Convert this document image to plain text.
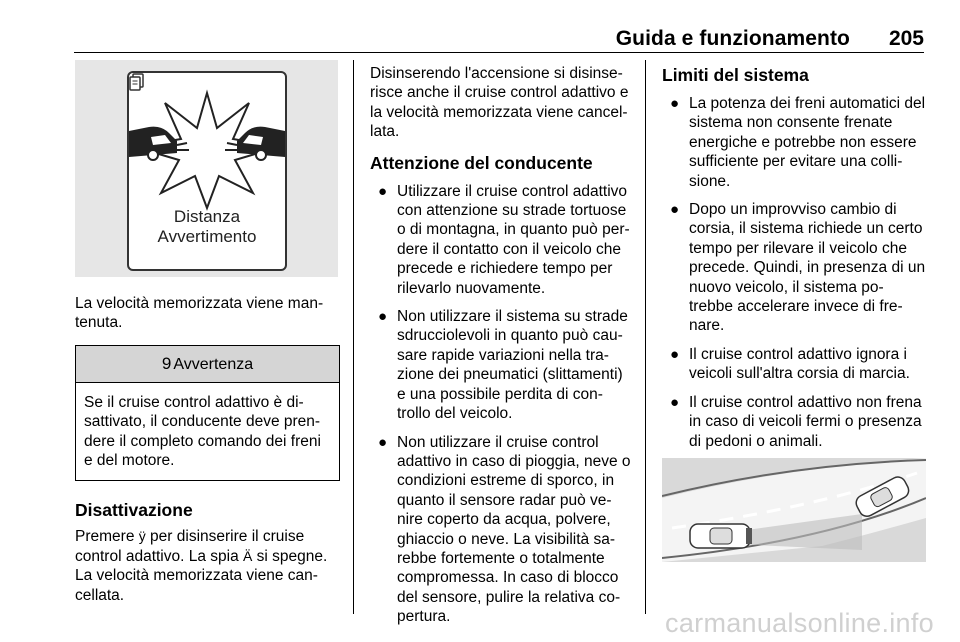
Guida e funzionamento 205
Distanza
Avvertimento

La velocità memorizzata viene man-tenuta.

9 Avvertenza
Se il cruise control adattivo è di-sattivato, il conducente deve pren-dere il completo comando dei freni e del motore.
Disattivazione

Premere ÿ per disinserire il cruise control adattivo. La spia Ä si spegne. La velocità memorizzata viene can-cellata.

Disinserendo l'accensione si disinse-risce anche il cruise control adattivo e la velocità memorizzata viene cancel-lata.

Attenzione del conducente
● Utilizzare il cruise control adattivo con attenzione su strade tortuose o di montagna, in quanto può per-dere il contatto con il veicolo che precede e richiedere tempo per rilevarlo nuovamente.
● Non utilizzare il sistema su strade sdrucciolevoli in quanto può cau-sare rapide variazioni nella tra-zione dei pneumatici (slittamenti) e una possibile perdita di con-trollo del veicolo.
● Non utilizzare il cruise control adattivo in caso di pioggia, neve o condizioni estreme di sporco, in quanto il sensore radar può ve-nire coperto da acqua, polvere, ghiaccio o neve. La visibilità sa-rebbe fortemente o totalmente compromessa. In caso di blocco del sensore, pulire la relativa co-pertura.
Limiti del sistema
● La potenza dei freni automatici del sistema non consente frenate energiche e potrebbe non essere sufficiente per evitare una colli-sione.
● Dopo un improvviso cambio di corsia, il sistema richiede un certo tempo per rilevare il veicolo che precede. Quindi, in presenza di un nuovo veicolo, il sistema po-trebbe accelerare invece di fre-nare.
● Il cruise control adattivo ignora i veicoli sull'altra corsia di marcia.
● Il cruise control adattivo non frena in caso di veicoli fermi o presenza di pedoni o animali.
carmanualsonline.info
